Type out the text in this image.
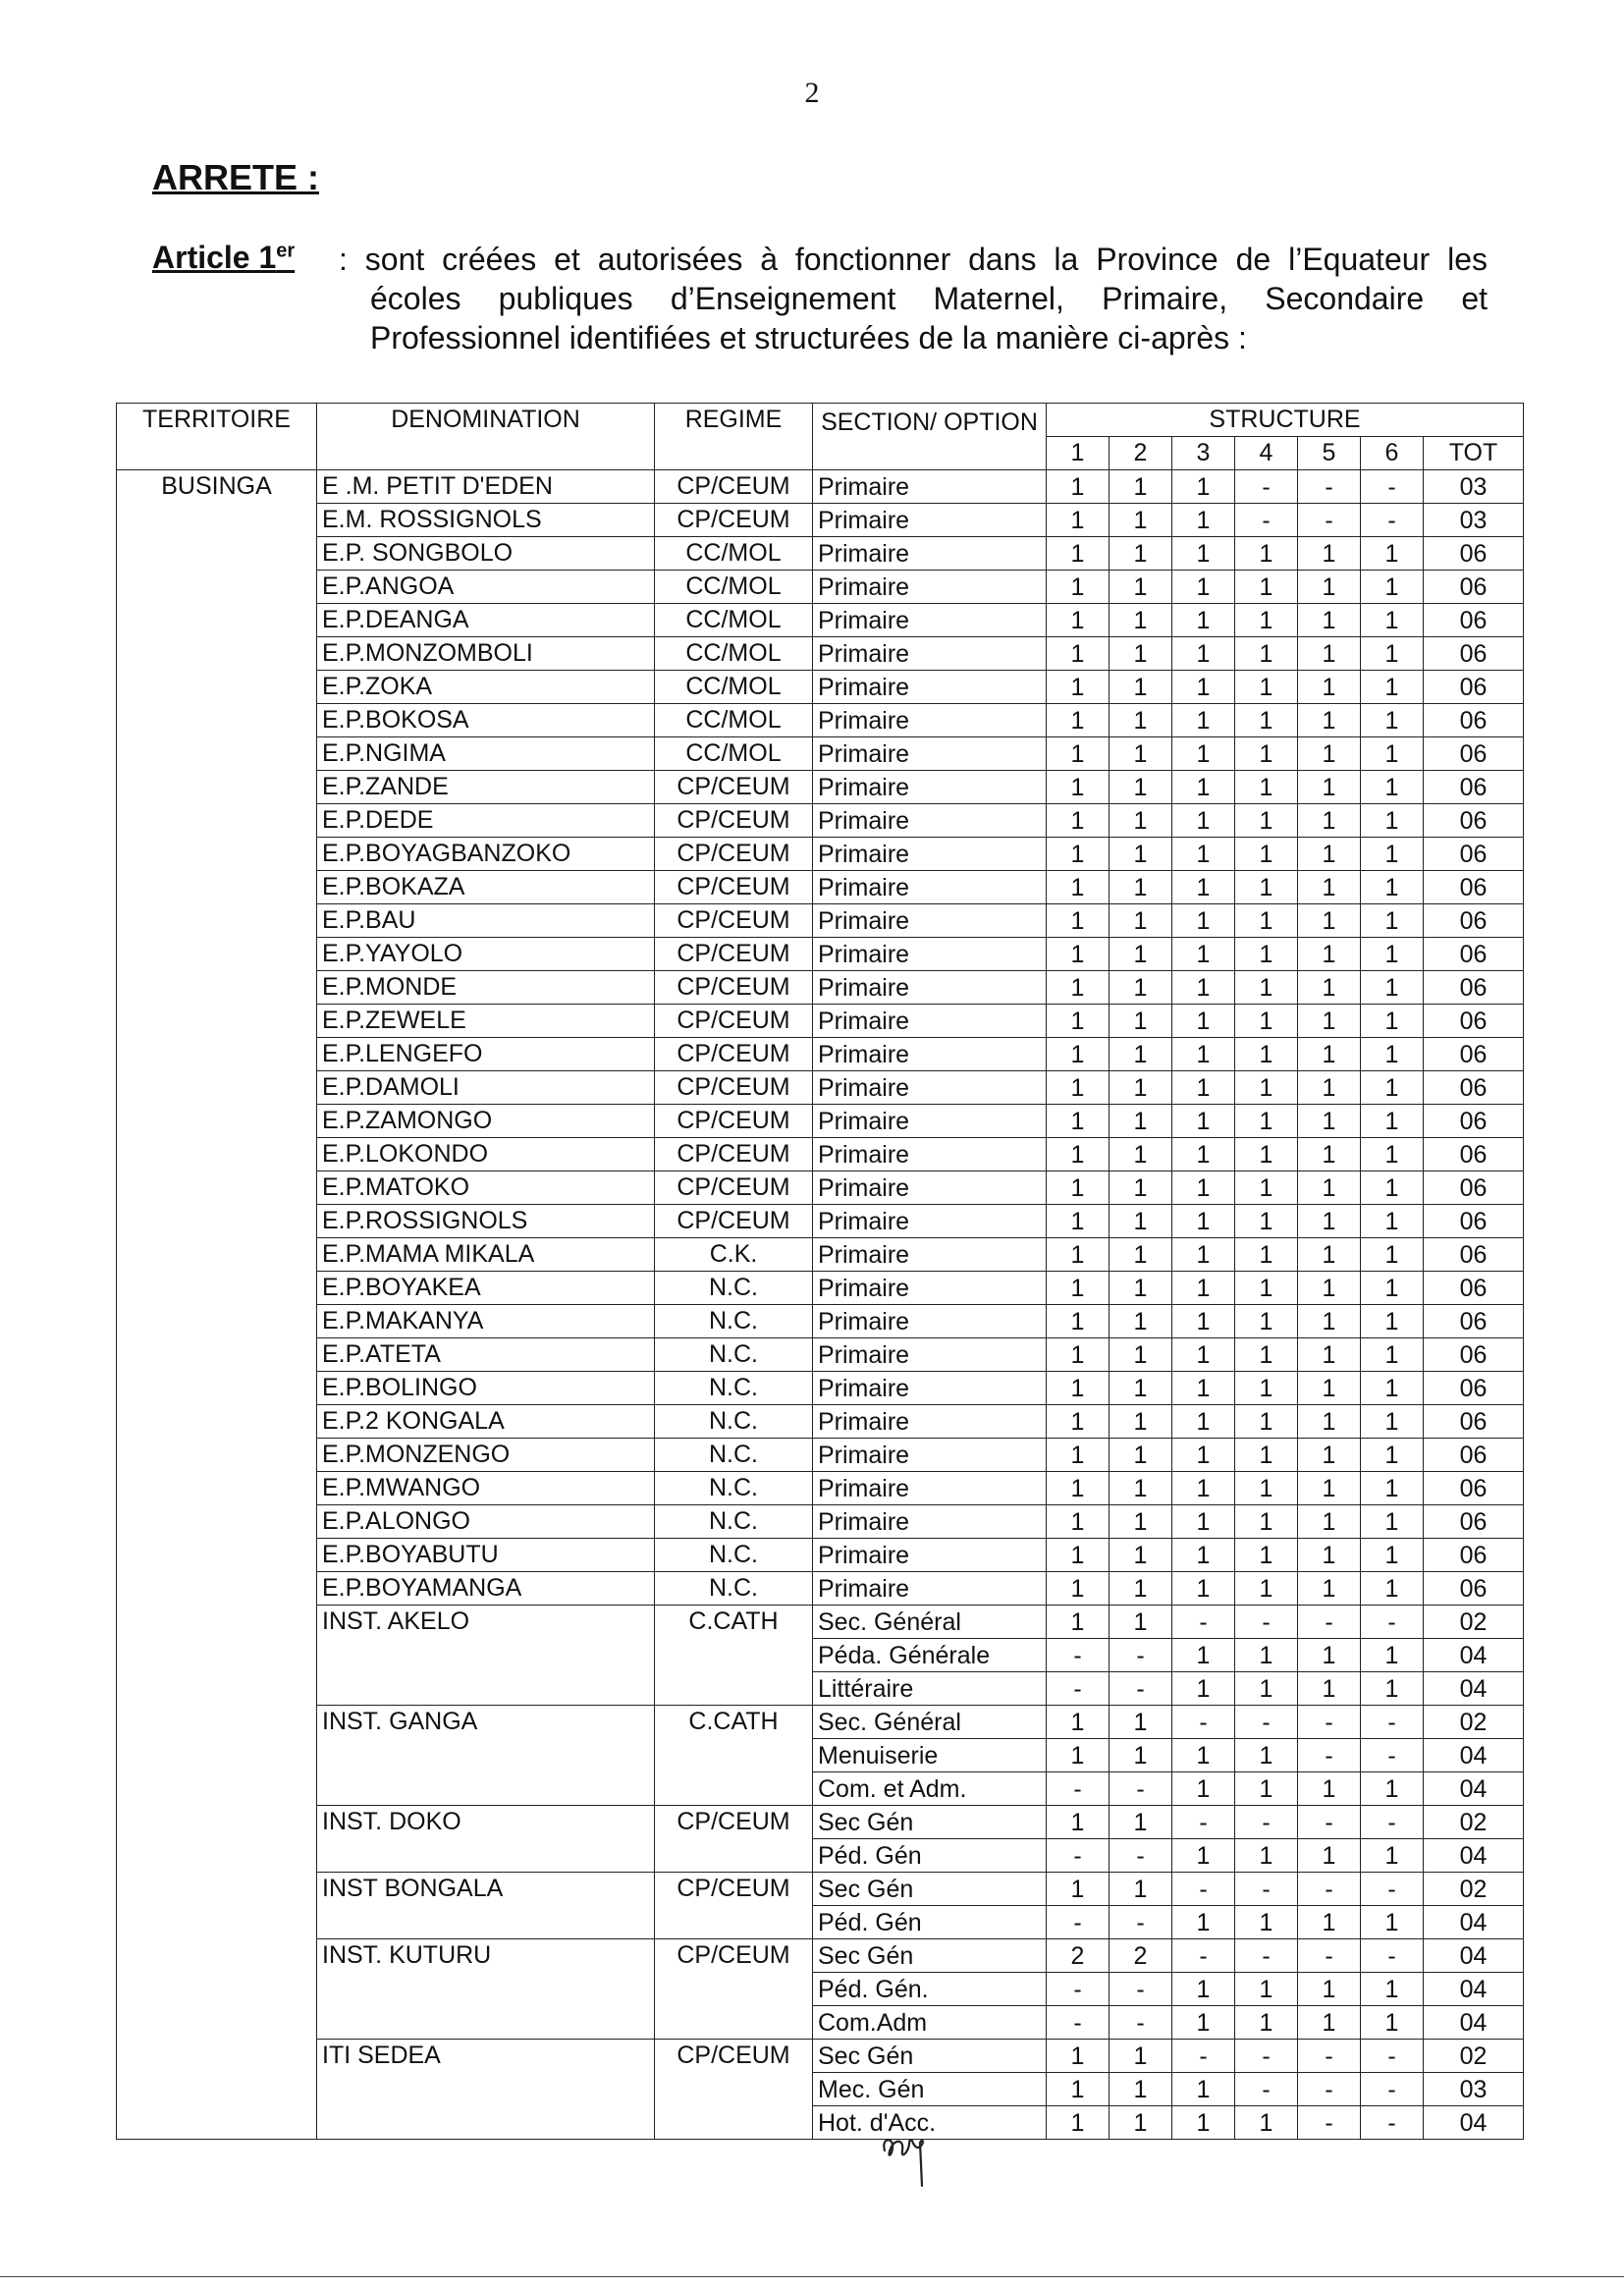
2
ARRETE :
Article 1er : sont créées et autorisées à fonctionner dans la Province de l’Equateur les
écoles publiques d’Enseignement Maternel, Primaire, Secondaire et
Professionnel identifiées et structurées de la manière ci-après :
TERRITOIRE	DENOMINATION	REGIME	SECTION/ OPTION	STRUCTURE						
				1	2	3	4	5	6	TOT
BUSINGA	E .M. PETIT D'EDEN	CP/CEUM	Primaire	1	1	1	-	-	-	03
	E.M. ROSSIGNOLS	CP/CEUM	Primaire	1	1	1	-	-	-	03
	E.P. SONGBOLO	CC/MOL	Primaire	1	1	1	1	1	1	06
	E.P.ANGOA	CC/MOL	Primaire	1	1	1	1	1	1	06
	E.P.DEANGA	CC/MOL	Primaire	1	1	1	1	1	1	06
	E.P.MONZOMBOLI	CC/MOL	Primaire	1	1	1	1	1	1	06
	E.P.ZOKA	CC/MOL	Primaire	1	1	1	1	1	1	06
	E.P.BOKOSA	CC/MOL	Primaire	1	1	1	1	1	1	06
	E.P.NGIMA	CC/MOL	Primaire	1	1	1	1	1	1	06
	E.P.ZANDE	CP/CEUM	Primaire	1	1	1	1	1	1	06
	E.P.DEDE	CP/CEUM	Primaire	1	1	1	1	1	1	06
	E.P.BOYAGBANZOKO	CP/CEUM	Primaire	1	1	1	1	1	1	06
	E.P.BOKAZA	CP/CEUM	Primaire	1	1	1	1	1	1	06
	E.P.BAU	CP/CEUM	Primaire	1	1	1	1	1	1	06
	E.P.YAYOLO	CP/CEUM	Primaire	1	1	1	1	1	1	06
	E.P.MONDE	CP/CEUM	Primaire	1	1	1	1	1	1	06
	E.P.ZEWELE	CP/CEUM	Primaire	1	1	1	1	1	1	06
	E.P.LENGEFO	CP/CEUM	Primaire	1	1	1	1	1	1	06
	E.P.DAMOLI	CP/CEUM	Primaire	1	1	1	1	1	1	06
	E.P.ZAMONGO	CP/CEUM	Primaire	1	1	1	1	1	1	06
	E.P.LOKONDO	CP/CEUM	Primaire	1	1	1	1	1	1	06
	E.P.MATOKO	CP/CEUM	Primaire	1	1	1	1	1	1	06
	E.P.ROSSIGNOLS	CP/CEUM	Primaire	1	1	1	1	1	1	06
	E.P.MAMA MIKALA	C.K.	Primaire	1	1	1	1	1	1	06
	E.P.BOYAKEA	N.C.	Primaire	1	1	1	1	1	1	06
	E.P.MAKANYA	N.C.	Primaire	1	1	1	1	1	1	06
	E.P.ATETA	N.C.	Primaire	1	1	1	1	1	1	06
	E.P.BOLINGO	N.C.	Primaire	1	1	1	1	1	1	06
	E.P.2 KONGALA	N.C.	Primaire	1	1	1	1	1	1	06
	E.P.MONZENGO	N.C.	Primaire	1	1	1	1	1	1	06
	E.P.MWANGO	N.C.	Primaire	1	1	1	1	1	1	06
	E.P.ALONGO	N.C.	Primaire	1	1	1	1	1	1	06
	E.P.BOYABUTU	N.C.	Primaire	1	1	1	1	1	1	06
	E.P.BOYAMANGA	N.C.	Primaire	1	1	1	1	1	1	06
	INST. AKELO	C.CATH	Sec. Général	1	1	-	-	-	-	02
			Péda. Générale	-	-	1	1	1	1	04
			Littéraire	-	-	1	1	1	1	04
	INST. GANGA	C.CATH	Sec. Général	1	1	-	-	-	-	02
			Menuiserie	1	1	1	1	-	-	04
			Com. et Adm.	-	-	1	1	1	1	04
	INST. DOKO	CP/CEUM	Sec Gén	1	1	-	-	-	-	02
			Péd. Gén	-	-	1	1	1	1	04
	INST BONGALA	CP/CEUM	Sec Gén	1	1	-	-	-	-	02
			Péd. Gén	-	-	1	1	1	1	04
	INST. KUTURU	CP/CEUM	Sec Gén	2	2	-	-	-	-	04
			Péd. Gén.	-	-	1	1	1	1	04
			Com.Adm	-	-	1	1	1	1	04
	ITI SEDEA	CP/CEUM	Sec Gén	1	1	-	-	-	-	02
			Mec. Gén	1	1	1	-	-	-	03
			Hot. d'Acc.	1	1	1	1	-	-	04
